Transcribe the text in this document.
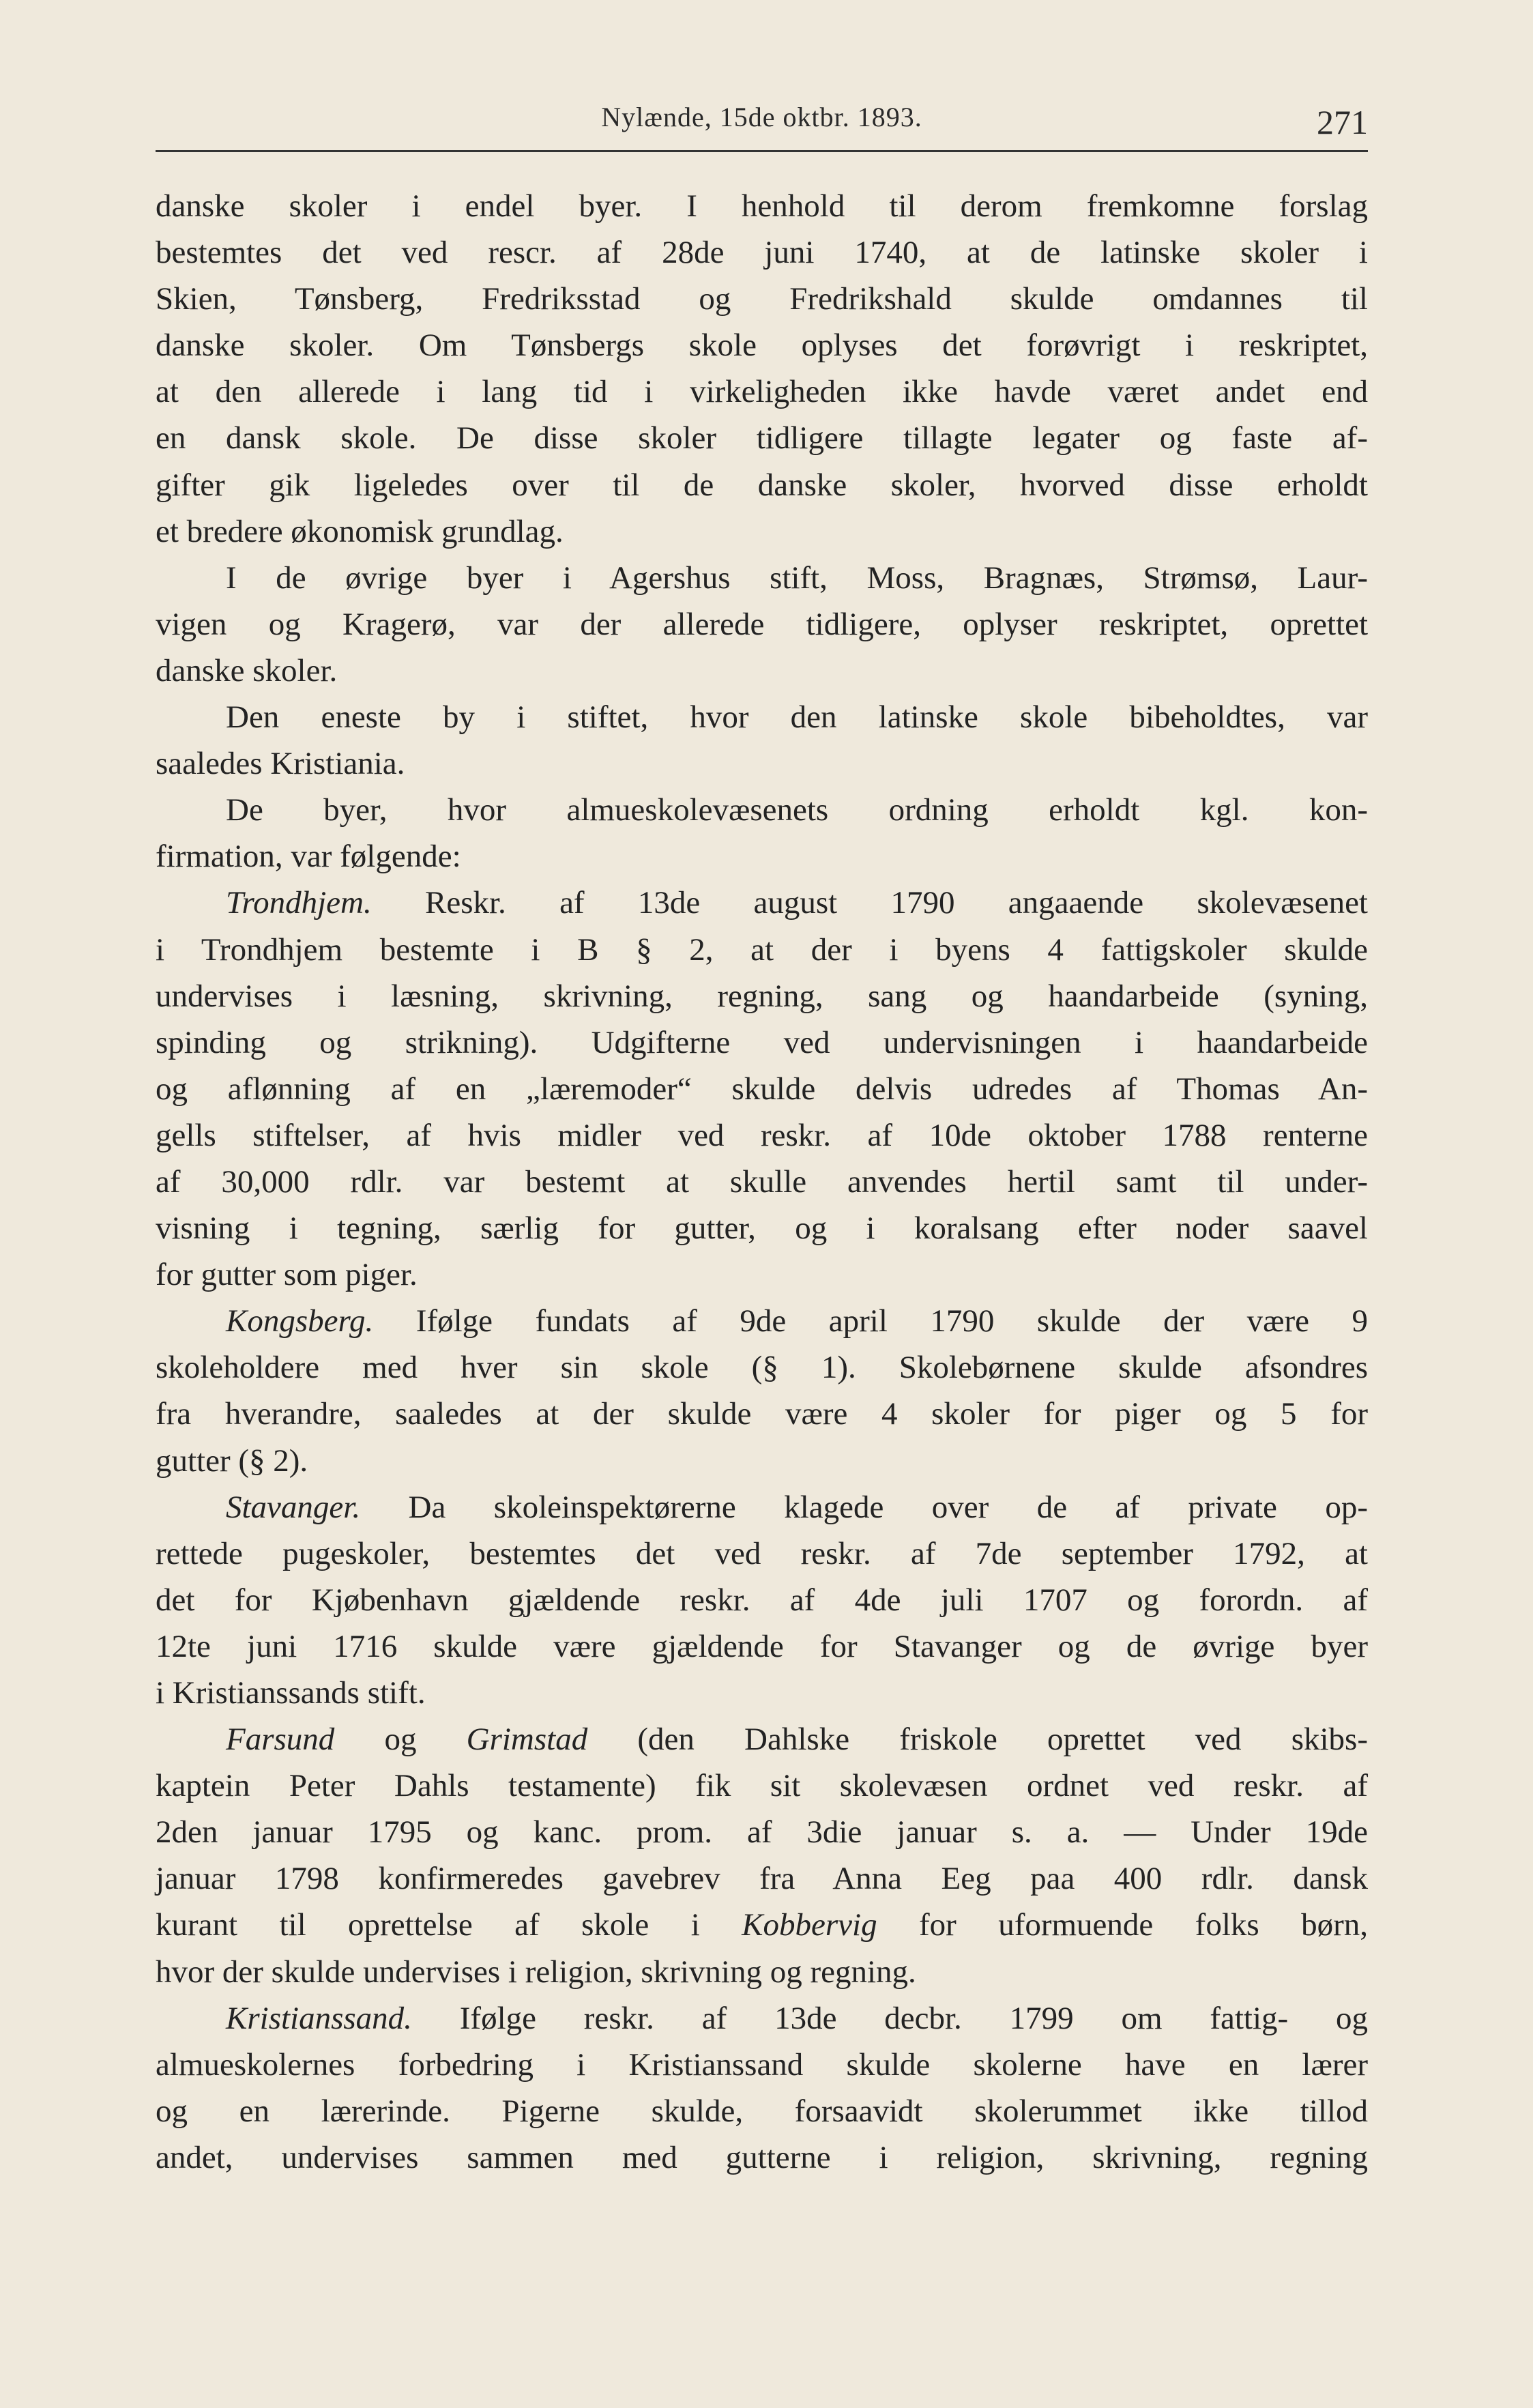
Nylænde, 15de oktbr. 1893.	271
danske skoler i endel byer. I henhold til derom fremkomne forslag
bestemtes det ved rescr. af 28de juni 1740, at de latinske skoler i
Skien, Tønsberg, Fredriksstad og Fredrikshald skulde omdannes til
danske skoler. Om Tønsbergs skole oplyses det forøvrigt i reskriptet,
at den allerede i lang tid i virkeligheden ikke havde været andet end
en dansk skole. De disse skoler tidligere tillagte legater og faste af-
gifter gik ligeledes over til de danske skoler, hvorved disse erholdt
et bredere økonomisk grundlag.
I de øvrige byer i Agershus stift, Moss, Bragnæs, Strømsø, Laur-
vigen og Kragerø, var der allerede tidligere, oplyser reskriptet, oprettet
danske skoler.
Den eneste by i stiftet, hvor den latinske skole bibeholdtes, var
saaledes Kristiania.
De byer, hvor almueskolevæsenets ordning erholdt kgl. kon-
firmation, var følgende:
Trondhjem. Reskr. af 13de august 1790 angaaende skolevæsenet
i Trondhjem bestemte i B § 2, at der i byens 4 fattigskoler skulde
undervises i læsning, skrivning, regning, sang og haandarbeide (syning,
spinding og strikning). Udgifterne ved undervisningen i haandarbeide
og aflønning af en „læremoder“ skulde delvis udredes af Thomas An-
gells stiftelser, af hvis midler ved reskr. af 10de oktober 1788 renterne
af 30,000 rdlr. var bestemt at skulle anvendes hertil samt til under-
visning i tegning, særlig for gutter, og i koralsang efter noder saavel
for gutter som piger.
Kongsberg. Ifølge fundats af 9de april 1790 skulde der være 9
skoleholdere med hver sin skole (§ 1). Skolebørnene skulde afsondres
fra hverandre, saaledes at der skulde være 4 skoler for piger og 5 for
gutter (§ 2).
Stavanger. Da skoleinspektørerne klagede over de af private op-
rettede pugeskoler, bestemtes det ved reskr. af 7de september 1792, at
det for Kjøbenhavn gjældende reskr. af 4de juli 1707 og forordn. af
12te juni 1716 skulde være gjældende for Stavanger og de øvrige byer
i Kristianssands stift.
Farsund og Grimstad (den Dahlske friskole oprettet ved skibs-
kaptein Peter Dahls testamente) fik sit skolevæsen ordnet ved reskr. af
2den januar 1795 og kanc. prom. af 3die januar s. a. — Under 19de
januar 1798 konfirmeredes gavebrev fra Anna Eeg paa 400 rdlr. dansk
kurant til oprettelse af skole i Kobbervig for uformuende folks børn,
hvor der skulde undervises i religion, skrivning og regning.
Kristianssand. Ifølge reskr. af 13de decbr. 1799 om fattig- og
almueskolernes forbedring i Kristianssand skulde skolerne have en lærer
og en lærerinde. Pigerne skulde, forsaavidt skolerummet ikke tillod
andet, undervises sammen med gutterne i religion, skrivning, regning
